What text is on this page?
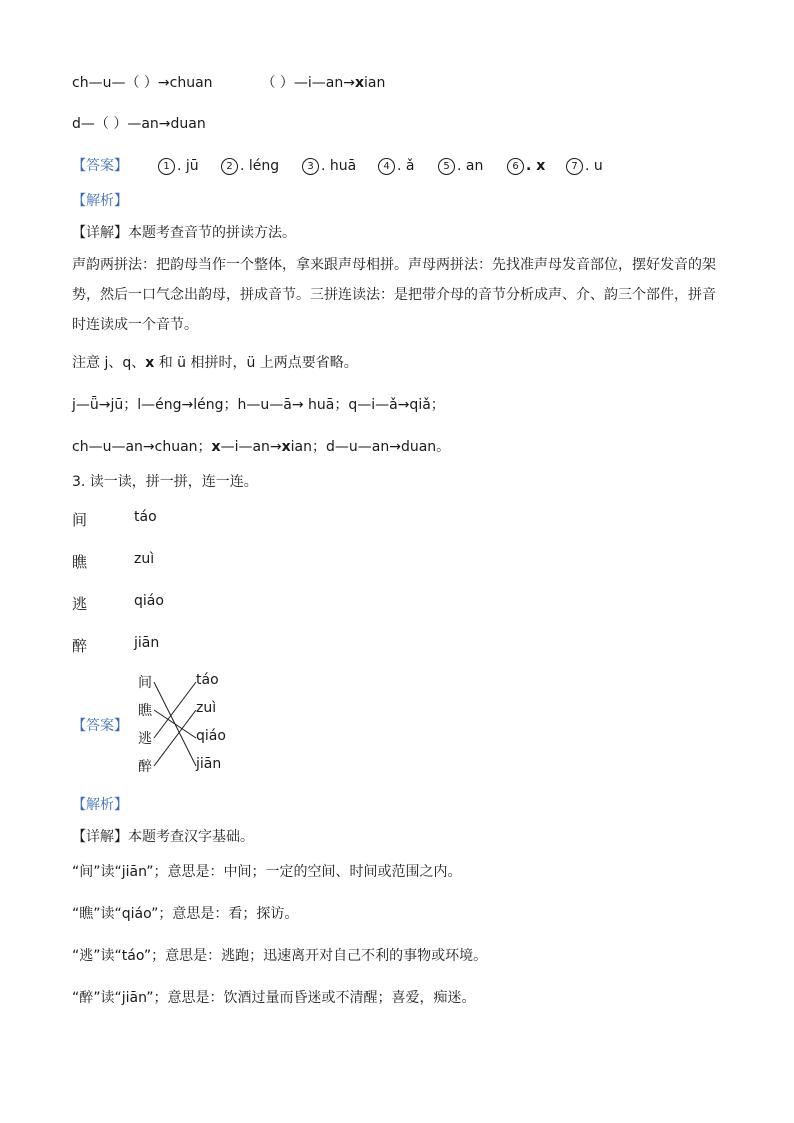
ch—u—（ ）→chuan	（ ）—i—an→xian
d—（ ）—an→duan
【答案】	1 . jū	2 . léng	3 . huā	4 . ǎ	5 . an	6 . x	7 . u
【解析】
【详解】本题考查音节的拼读方法。
声韵两拼法：把韵母当作一个整体，拿来跟声母相拼。声母两拼法：先找准声母发音部位，摆好发音的架势，然后一口气念出韵母，拼成音节。三拼连读法：是把带介母的音节分析成声、介、韵三个部件，拼音时连读成一个音节。
注意 j、q、x 和 ü 相拼时，ü 上两点要省略。
j—ǖ→jū；l—éng→léng；h—u—ā→ huā；q—i—ǎ→qiǎ；
ch—u—an→chuan；x—i—an→xian；d—u—an→duan。
3. 读一读，拼一拼，连一连。
间	táo
瞧	zuì
逃	qiáo
醉	jiān
【答案】
间
瞧
逃
醉
táo
zuì
qiáo
jiān
【解析】
【详解】本题考查汉字基础。
“间”读“jiān”；意思是：中间；一定的空间、时间或范围之内。
“瞧”读“qiáo”；意思是：看；探访。
“逃”读“táo”；意思是：逃跑；迅速离开对自己不利的事物或环境。
“醉”读“jiān”；意思是：饮酒过量而昏迷或不清醒；喜爱，痴迷。
